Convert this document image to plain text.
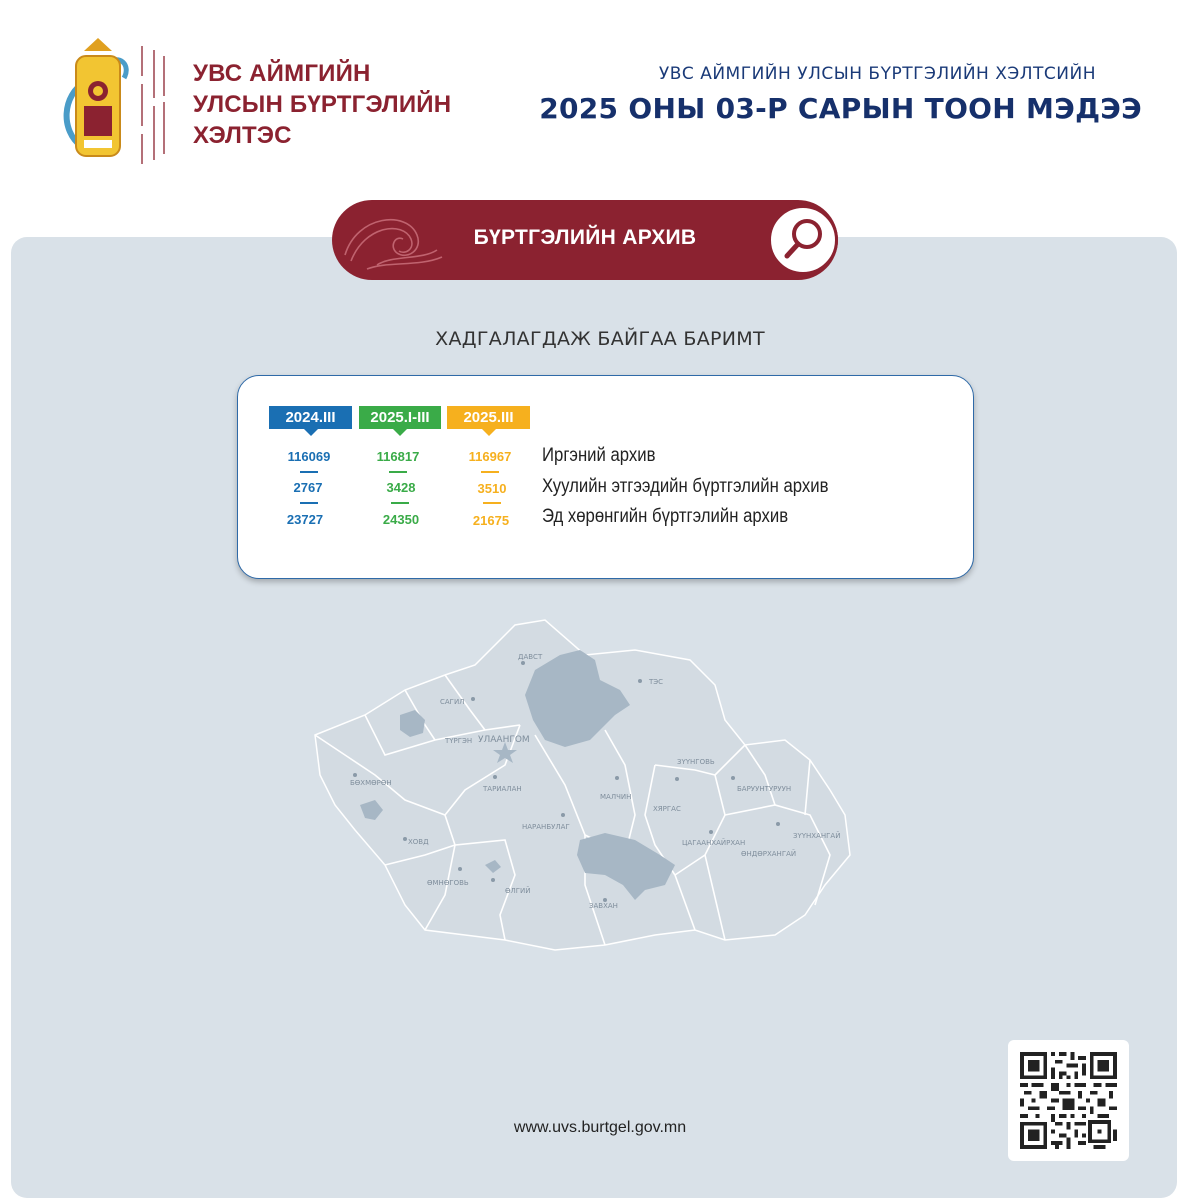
УВС АЙМГИЙН
УЛСЫН БҮРТГЭЛИЙН
ХЭЛТЭС
УВС АЙМГИЙН УЛСЫН БҮРТГЭЛИЙН ХЭЛТСИЙН
2025 ОНЫ 03-Р САРЫН ТООН МЭДЭЭ
БҮРТГЭЛИЙН АРХИВ
ХАДГАЛАГДАЖ БАЙГАА БАРИМТ
2024.III	2025.I-III	2025.III
116069	116817	116967	Иргэний архив
2767	3428	3510	Хуулийн этгээдийн бүртгэлийн архив
23727	24350	21675	Эд хөрөнгийн бүртгэлийн архив
ДАВСТ
ТЭС
САГИЛ
УЛААНГОМ
ТҮРГЭН
ЗҮҮНГОВЬ
БӨХМӨРӨН
ТАРИАЛАН
МАЛЧИН
ХЯРГАС
БАРУУНТУРУУН
НАРАНБУЛАГ
ЦАГААНХАЙРХАН
ЗҮҮНХАНГАЙ
ӨНДӨРХАНГАЙ
ХОВД
ӨМНӨГОВЬ
ӨЛГИЙ
ЗАВХАН
www.uvs.burtgel.gov.mn
